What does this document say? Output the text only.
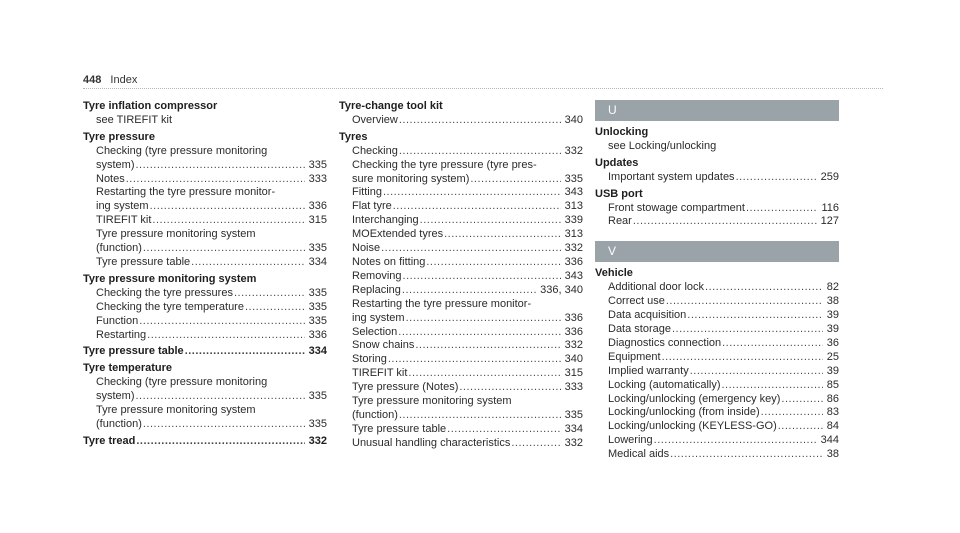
448 Index
Tyre inflation compressor
see TIREFIT kit
Tyre pressure
Checking (tyre pressure monitoring
system) .....	335
Notes .....	333
Restarting the tyre pressure monitor-
ing system .....	336
TIREFIT kit .....	315
Tyre pressure monitoring system
(function) .....	335
Tyre pressure table .....	334
Tyre pressure monitoring system
Checking the tyre pressures .....	335
Checking the tyre temperature .....	335
Function .....	335
Restarting .....	336
Tyre pressure table .....	334
Tyre temperature
Checking (tyre pressure monitoring
system) .....	335
Tyre pressure monitoring system
(function) .....	335
Tyre tread .....	332
Tyre-change tool kit
Overview .....	340
Tyres
Checking .....	332
Checking the tyre pressure (tyre pres-
sure monitoring system) .....	335
Fitting .....	343
Flat tyre .....	313
Interchanging .....	339
MOExtended tyres .....	313
Noise .....	332
Notes on fitting .....	336
Removing .....	343
Replacing .....	336, 340
Restarting the tyre pressure monitor-
ing system .....	336
Selection .....	336
Snow chains .....	332
Storing .....	340
TIREFIT kit .....	315
Tyre pressure (Notes) .....	333
Tyre pressure monitoring system
(function) .....	335
Tyre pressure table .....	334
Unusual handling characteristics .....	332
U
Unlocking
see Locking/unlocking
Updates
Important system updates .....	259
USB port
Front stowage compartment .....	116
Rear .....	127
V
Vehicle
Additional door lock .....	82
Correct use .....	38
Data acquisition .....	39
Data storage .....	39
Diagnostics connection .....	36
Equipment .....	25
Implied warranty .....	39
Locking (automatically) .....	85
Locking/unlocking (emergency key) .....	86
Locking/unlocking (from inside) .....	83
Locking/unlocking (KEYLESS-GO) .....	84
Lowering .....	344
Medical aids .....	38
